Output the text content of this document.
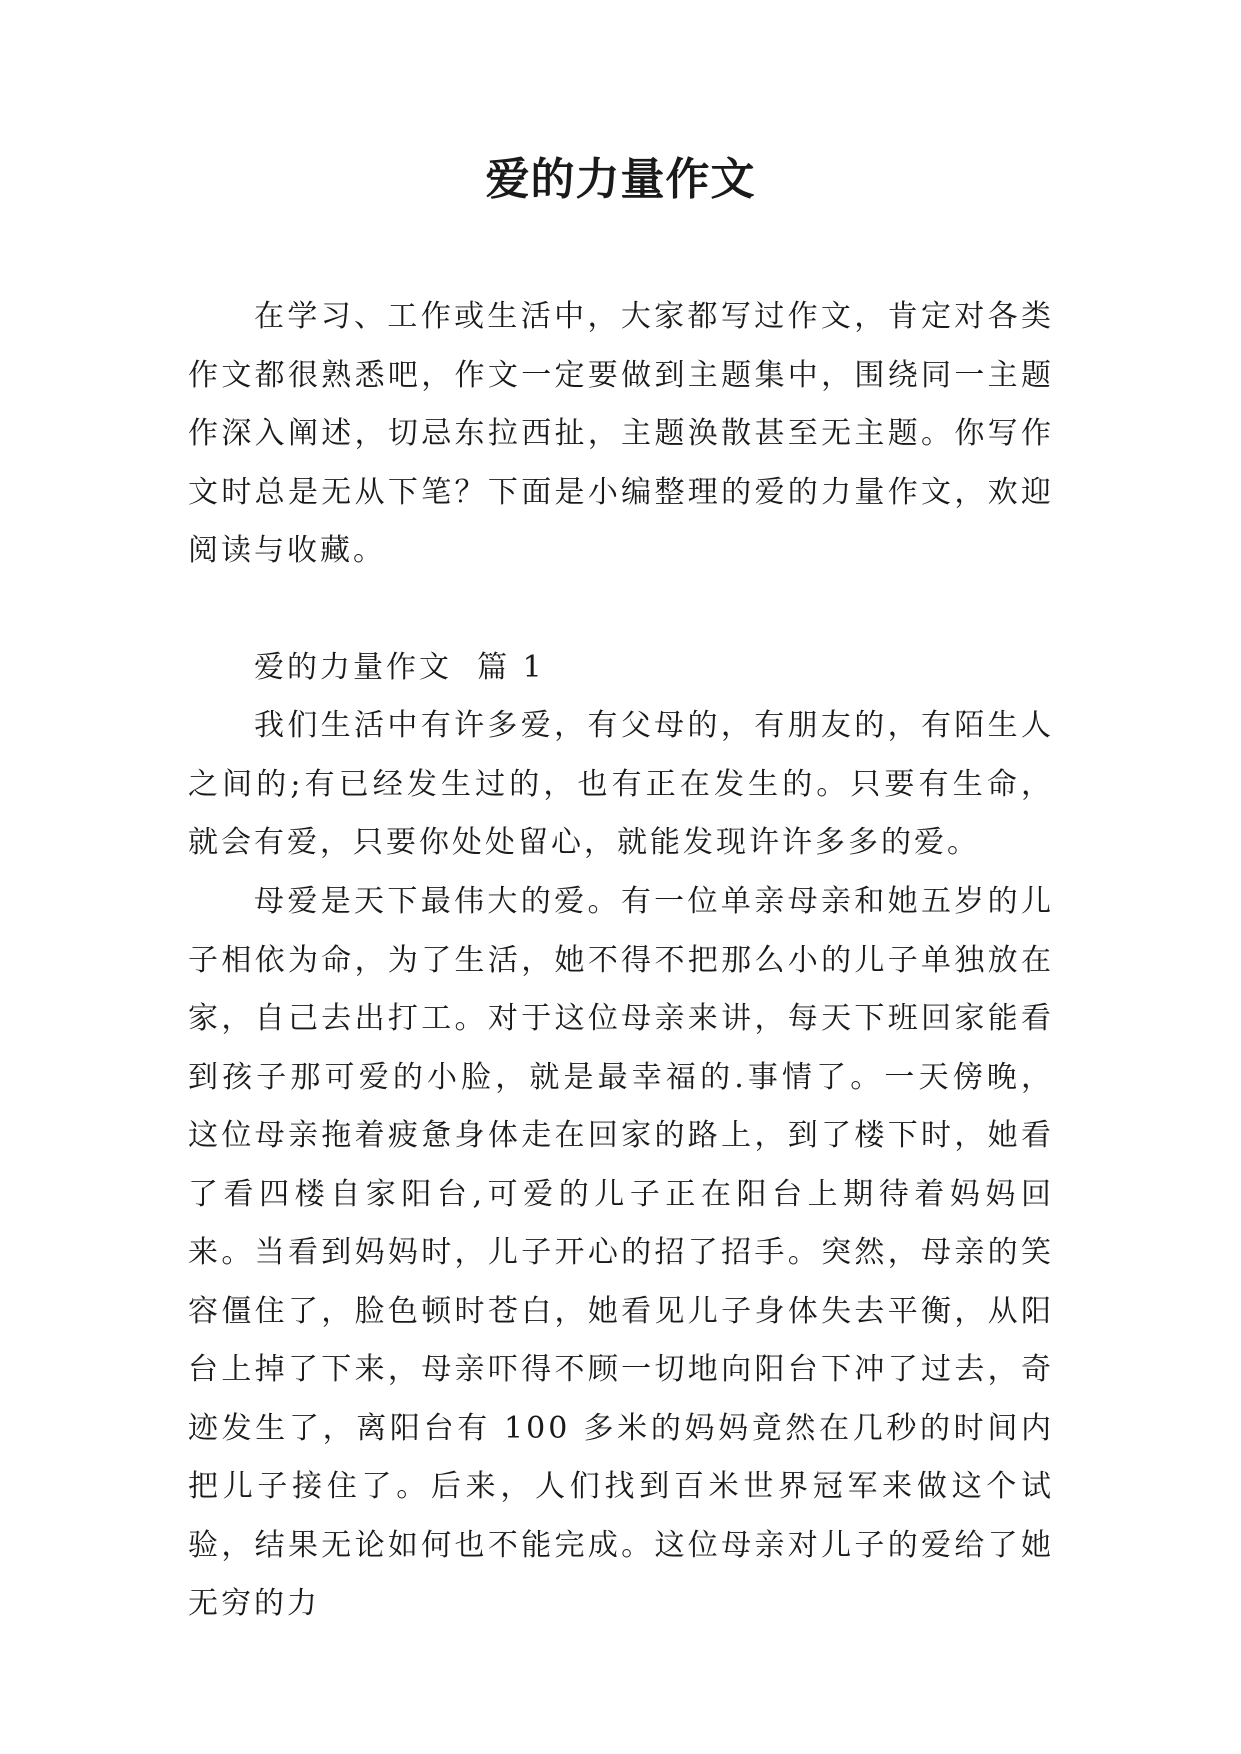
爱的力量作文

在学习、工作或生活中，大家都写过作文，肯定对各类作文都很熟悉吧，作文一定要做到主题集中，围绕同一主题作深入阐述，切忌东拉西扯，主题涣散甚至无主题。你写作文时总是无从下笔？下面是小编整理的爱的力量作文，欢迎阅读与收藏。

爱的力量作文  篇 1

我们生活中有许多爱，有父母的，有朋友的，有陌生人之间的;有已经发生过的，也有正在发生的。只要有生命，就会有爱，只要你处处留心，就能发现许许多多的爱。

母爱是天下最伟大的爱。有一位单亲母亲和她五岁的儿子相依为命，为了生活，她不得不把那么小的儿子单独放在家，自己去出打工。对于这位母亲来讲，每天下班回家能看到孩子那可爱的小脸，就是最幸福的.事情了。一天傍晚，这位母亲拖着疲惫身体走在回家的路上，到了楼下时，她看了看四楼自家阳台,可爱的儿子正在阳台上期待着妈妈回来。当看到妈妈时，儿子开心的招了招手。突然，母亲的笑容僵住了，脸色顿时苍白，她看见儿子身体失去平衡，从阳台上掉了下来，母亲吓得不顾一切地向阳台下冲了过去，奇迹发生了，离阳台有 100 多米的妈妈竟然在几秒的时间内把儿子接住了。后来，人们找到百米世界冠军来做这个试验，结果无论如何也不能完成。这位母亲对儿子的爱给了她无穷的力
